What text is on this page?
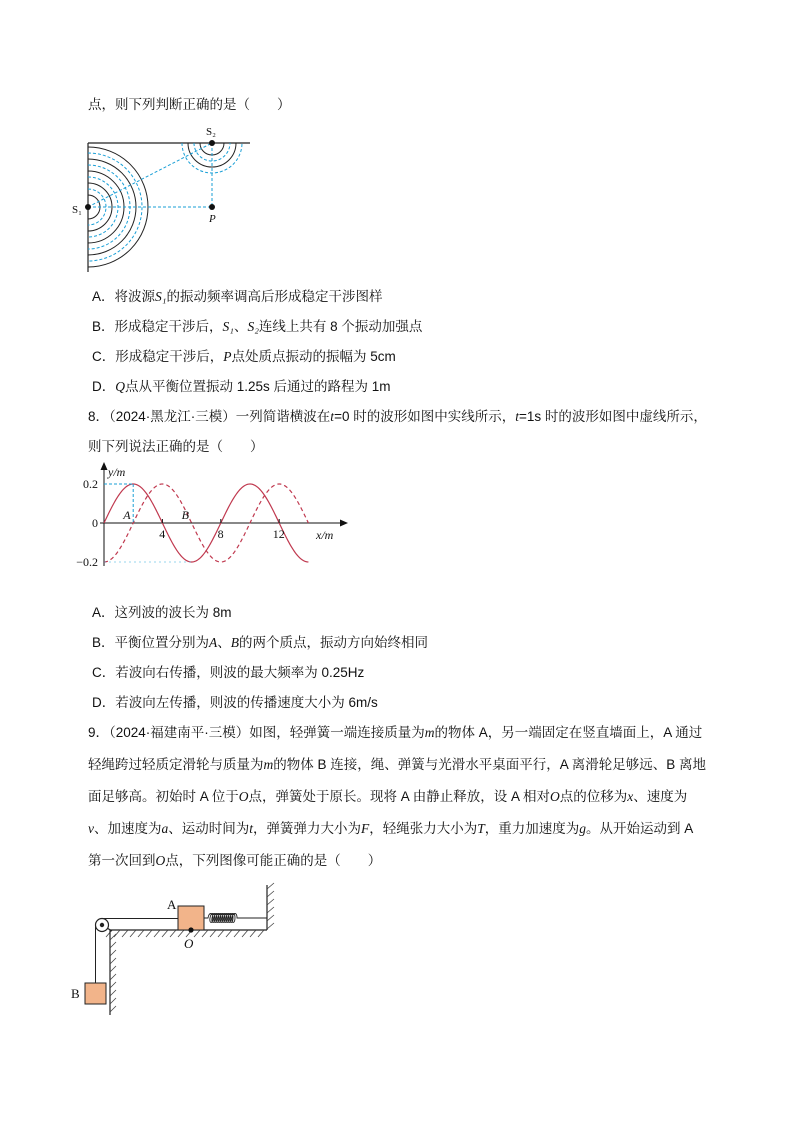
点，则下列判断正确的是（　　）
S₁
S₂
P
A．将波源S₁的振动频率调高后形成稳定干涉图样
B．形成稳定干涉后，S₁、S₂连线上共有 8 个振动加强点
C．形成稳定干涉后，P点处质点振动的振幅为 5cm
D．Q点从平衡位置振动 1.25s 后通过的路程为 1m
8．（2024·黑龙江·三模）一列简谐横波在t=0 时的波形如图中实线所示，t=1s 时的波形如图中虚线所示，
则下列说法正确的是（　　）
y/m
x/m
4	8	12
0.2
0
−0.2
A	B
A．这列波的波长为 8m
B．平衡位置分别为A、B的两个质点，振动方向始终相同
C．若波向右传播，则波的最大频率为 0.25Hz
D．若波向左传播，则波的传播速度大小为 6m/s
9．（2024·福建南平·三模）如图，轻弹簧一端连接质量为m的物体 A，另一端固定在竖直墙面上，A 通过
轻绳跨过轻质定滑轮与质量为m的物体 B 连接，绳、弹簧与光滑水平桌面平行，A 离滑轮足够远、B 离地
面足够高。初始时 A 位于O点，弹簧处于原长。现将 A 由静止释放，设 A 相对O点的位移为x、速度为
v、加速度为a、运动时间为t，弹簧弹力大小为F，轻绳张力大小为T，重力加速度为g。从开始运动到 A
第一次回到O点，下列图像可能正确的是（　　）
A
O
B
